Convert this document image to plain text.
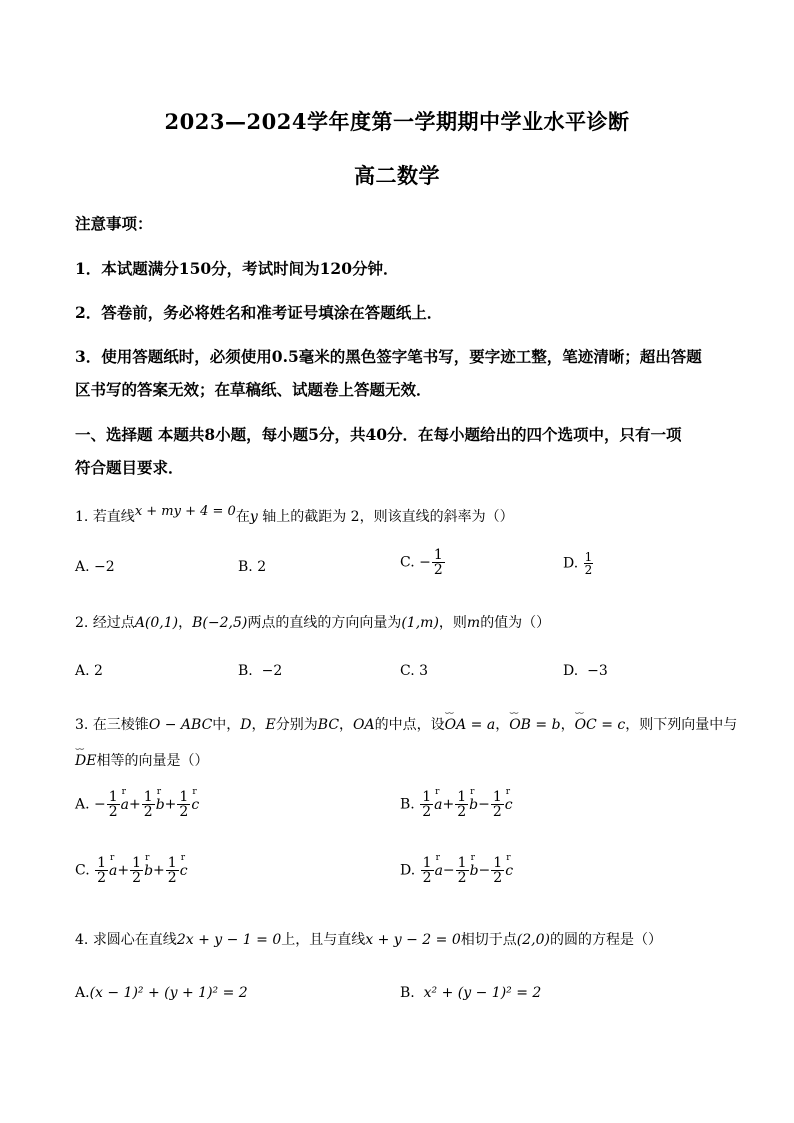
2023—2024学年度第一学期期中学业水平诊断
高二数学
注意事项：
1．本试题满分150分，考试时间为120分钟．
2．答卷前，务必将姓名和准考证号填涂在答题纸上．
3．使用答题纸时，必须使用0.5毫米的黑色签字笔书写，要字迹工整，笔迹清晰；超出答题
区书写的答案无效；在草稿纸、试题卷上答题无效．
一、选择题 本题共8小题，每小题5分，共40分．在每小题给出的四个选项中，只有一项
符合题目要求．
1. 若直线x + my + 4 = 0在y 轴上的截距为 2，则该直线的斜率为（）
A. −2	B. 2	C. − $\frac{1}{2}$	D. $\frac{1}{2}$
2. 经过点A(0,1)，B(−2,5)两点的直线的方向向量为(1,m)，则m的值为（）
A. 2	B. −2	C. 3	D. −3
3. 在三棱锥O − ABC中，D，E分别为BC，OA的中点，设⌣⌣ OA = a，⌣⌣ OB = b，⌣⌣ OC = c，则下列向量中与
⌣⌣ DE相等的向量是（）
A. − $\frac{1}{2}$ r $a+ \frac{1}{2}$ r $b+ \frac{1}{2}$ r c	B. $\frac{1}{2}$ r $a+ \frac{1}{2}$ r $b- \frac{1}{2}$ r c
C. $\frac{1}{2}$ r $a+ \frac{1}{2}$ r $b+ \frac{1}{2}$ r c	D. $\frac{1}{2}$ r $a- \frac{1}{2}$ r $b- \frac{1}{2}$ r c
4. 求圆心在直线2x + y − 1 = 0上，且与直线x + y − 2 = 0相切于点(2,0)的圆的方程是（）
A.(x − 1)² + (y + 1)² = 2	B. x² + (y − 1)² = 2
